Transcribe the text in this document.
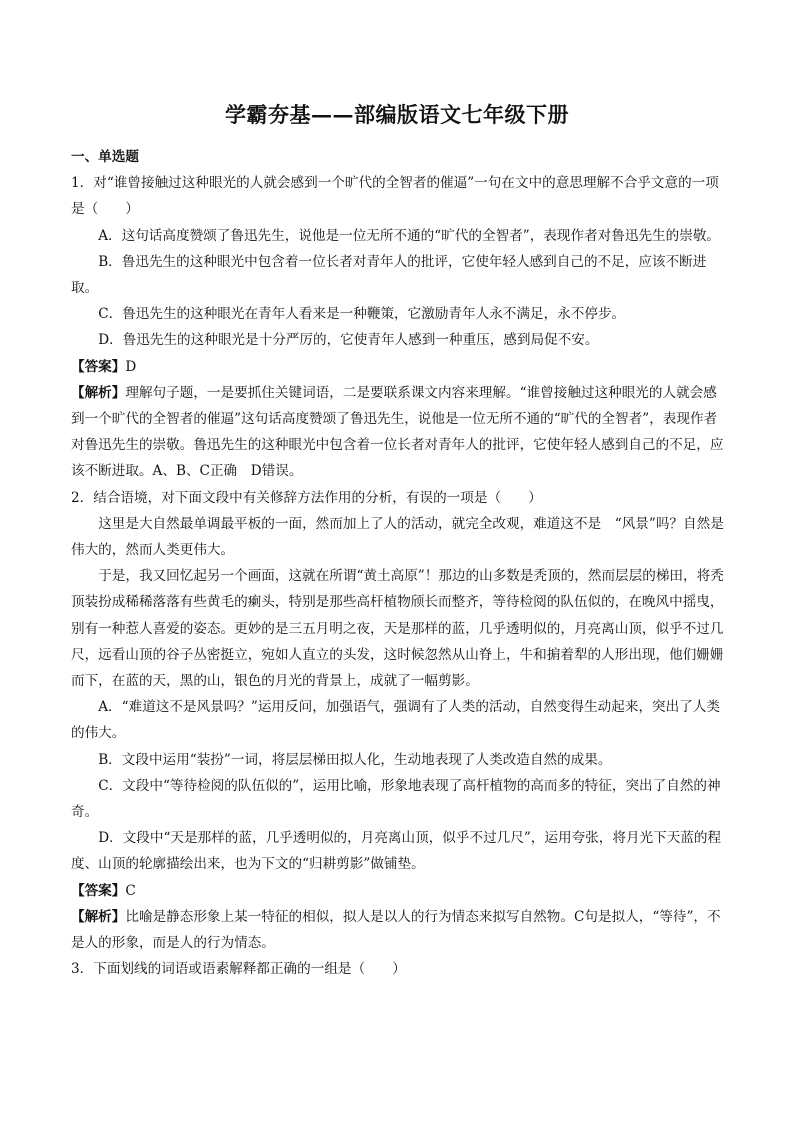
学霸夯基——部编版语文七年级下册

一、单选题

1．对“谁曾接触过这种眼光的人就会感到一个旷代的全智者的催逼”一句在文中的意思理解不合乎文意的一项是（　　）

A．这句话高度赞颂了鲁迅先生，说他是一位无所不通的“旷代的全智者”，表现作者对鲁迅先生的崇敬。

B．鲁迅先生的这种眼光中包含着一位长者对青年人的批评，它使年轻人感到自己的不足，应该不断进取。

C．鲁迅先生的这种眼光在青年人看来是一种鞭策，它激励青年人永不满足，永不停步。

D．鲁迅先生的这种眼光是十分严厉的，它使青年人感到一种重压，感到局促不安。

【答案】D

【解析】理解句子题，一是要抓住关键词语，二是要联系课文内容来理解。“谁曾接触过这种眼光的人就会感到一个旷代的全智者的催逼”这句话高度赞颂了鲁迅先生，说他是一位无所不通的“旷代的全智者”，表现作者对鲁迅先生的崇敬。鲁迅先生的这种眼光中包含着一位长者对青年人的批评，它使年轻人感到自己的不足，应该不断进取。A、B、C正确　D错误。

2．结合语境，对下面文段中有关修辞方法作用的分析，有误的一项是（　　）

这里是大自然最单调最平板的一面，然而加上了人的活动，就完全改观，难道这不是　“风景”吗？自然是伟大的，然而人类更伟大。

于是，我又回忆起另一个画面，这就在所谓“黄土高原”！那边的山多数是秃顶的，然而层层的梯田，将秃顶装扮成稀稀落落有些黄毛的瘌头，特别是那些高杆植物颀长而整齐，等待检阅的队伍似的，在晚风中摇曳，别有一种惹人喜爱的姿态。更妙的是三五月明之夜，天是那样的蓝，几乎透明似的，月亮离山顶，似乎不过几尺，远看山顶的谷子丛密挺立，宛如人直立的头发，这时候忽然从山脊上，牛和掮着犁的人形出现，他们姗姗而下，在蓝的天，黑的山，银色的月光的背景上，成就了一幅剪影。

A．“难道这不是风景吗？”运用反问，加强语气，强调有了人类的活动，自然变得生动起来，突出了人类的伟大。

B．文段中运用“装扮”一词，将层层梯田拟人化，生动地表现了人类改造自然的成果。

C．文段中“等待检阅的队伍似的”，运用比喻，形象地表现了高杆植物的高而多的特征，突出了自然的神奇。

D．文段中“天是那样的蓝，几乎透明似的，月亮离山顶，似乎不过几尺”，运用夸张，将月光下天蓝的程度、山顶的轮廓描绘出来，也为下文的“归耕剪影”做铺垫。

【答案】C

【解析】比喻是静态形象上某一特征的相似，拟人是以人的行为情态来拟写自然物。C句是拟人，“等待”，不是人的形象，而是人的行为情态。

3．下面划线的词语或语素解释都正确的一组是（　　）
